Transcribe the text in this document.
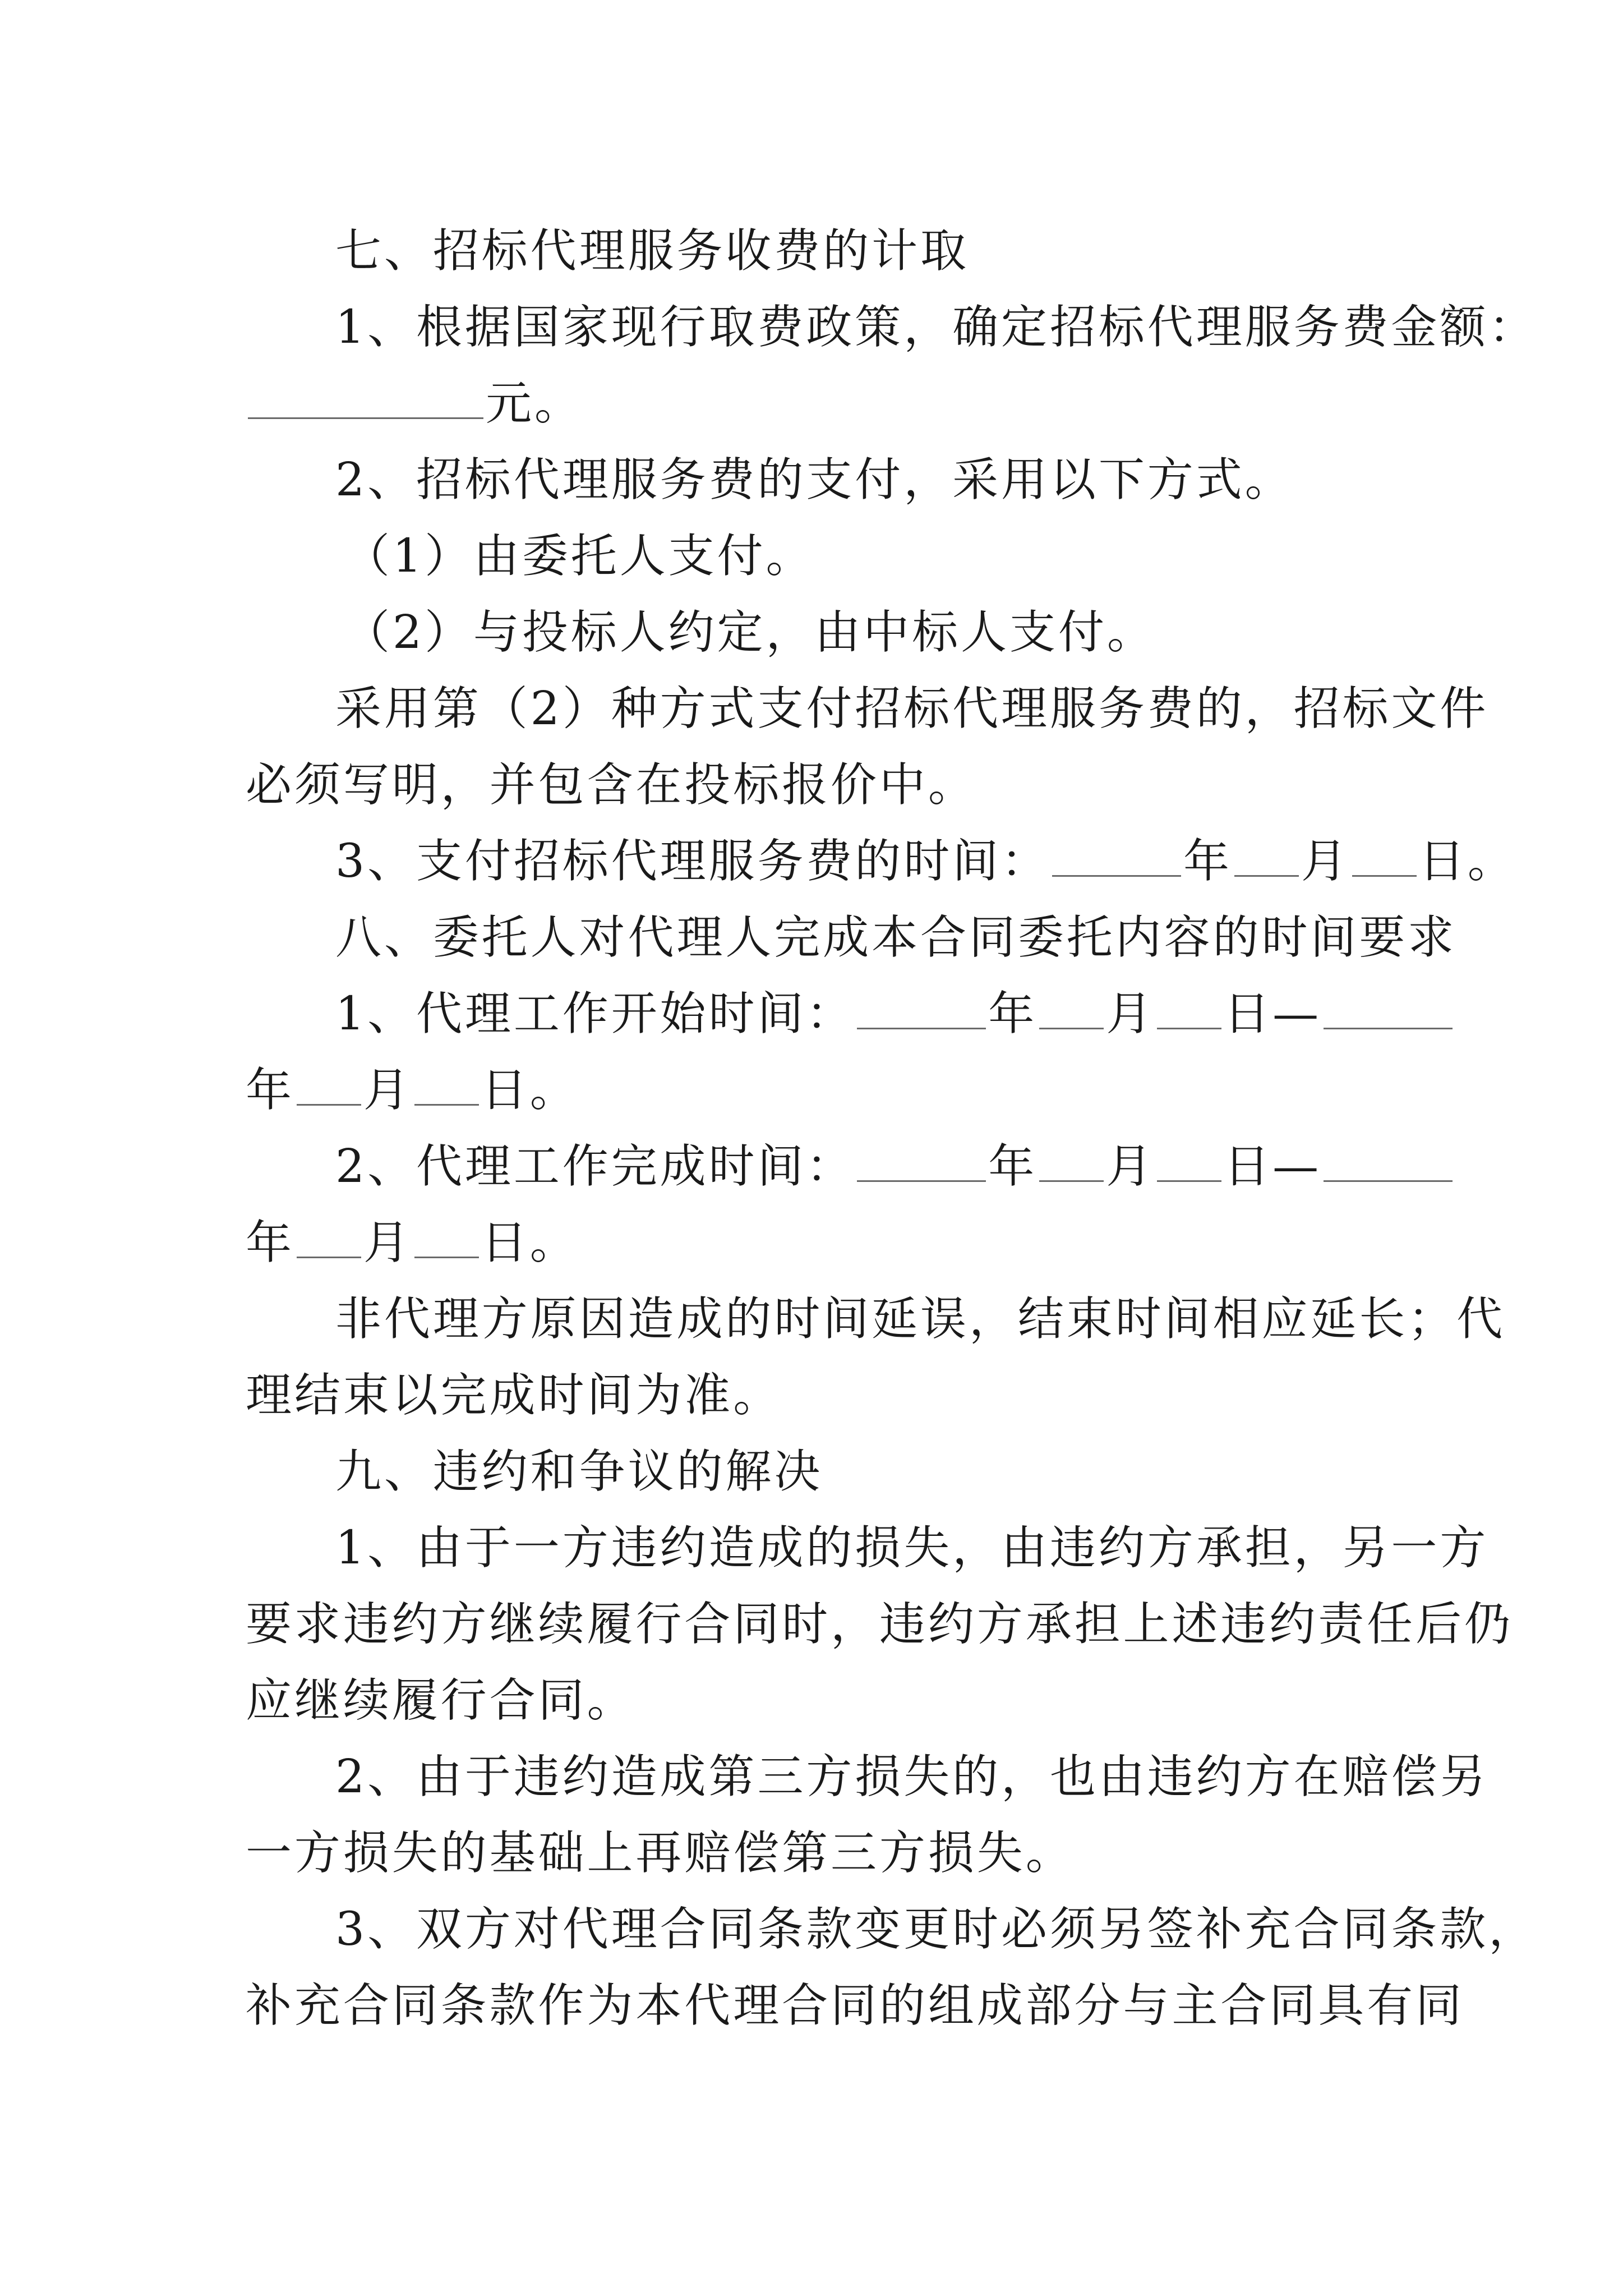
七、招标代理服务收费的计取
1、根据国家现行取费政策，确定招标代理服务费金额：
元。
2、招标代理服务费的支付，采用以下方式。
（1）由委托人支付。
（2）与投标人约定，由中标人支付。
采用第（2）种方式支付招标代理服务费的，招标文件
必须写明，并包含在投标报价中。
3、支付招标代理服务费的时间：	年 月 日。
八、委托人对代理人完成本合同委托内容的时间要求
1、代理工作开始时间：	年 月 日—
年 月 日。
2、代理工作完成时间：	年 月 日—
年 月 日。
非代理方原因造成的时间延误，结束时间相应延长；代
理结束以完成时间为准。
九、违约和争议的解决
1、由于一方违约造成的损失，由违约方承担，另一方
要求违约方继续履行合同时，违约方承担上述违约责任后仍
应继续履行合同。
2、由于违约造成第三方损失的，也由违约方在赔偿另
一方损失的基础上再赔偿第三方损失。
3、双方对代理合同条款变更时必须另签补充合同条款，
补充合同条款作为本代理合同的组成部分与主合同具有同
